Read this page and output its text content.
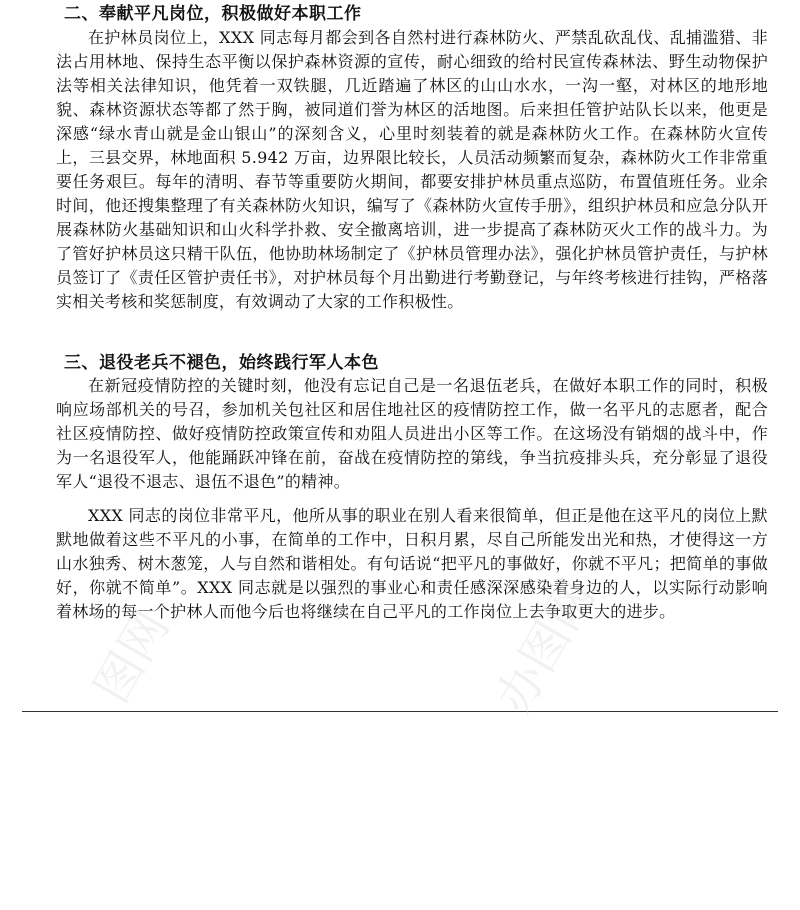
二、奉献平凡岗位，积极做好本职工作

在护林员岗位上，XXX 同志每月都会到各自然村进行森林防火、严禁乱砍乱伐、乱捕滥猎、非法占用林地、保持生态平衡以保护森林资源的宣传，耐心细致的给村民宣传森林法、野生动物保护法等相关法律知识，他凭着一双铁腿，几近踏遍了林区的山山水水，一沟一壑，对林区的地形地貌、森林资源状态等都了然于胸，被同道们誉为林区的活地图。后来担任管护站队长以来，他更是深感“绿水青山就是金山银山”的深刻含义，心里时刻装着的就是森林防火工作。在森林防火宣传上，三县交界，林地面积 5.942 万亩，边界限比较长，人员活动频繁而复杂，森林防火工作非常重要任务艰巨。每年的清明、春节等重要防火期间，都要安排护林员重点巡防，布置值班任务。业余时间，他还搜集整理了有关森林防火知识，编写了《森林防火宣传手册》，组织护林员和应急分队开展森林防火基础知识和山火科学扑救、安全撤离培训，进一步提高了森林防灭火工作的战斗力。为了管好护林员这只精干队伍，他协助林场制定了《护林员管理办法》，强化护林员管护责任，与护林员签订了《责任区管护责任书》，对护林员每个月出勤进行考勤登记，与年终考核进行挂钩，严格落实相关考核和奖惩制度，有效调动了大家的工作积极性。

三、退役老兵不褪色，始终践行军人本色

在新冠疫情防控的关键时刻，他没有忘记自己是一名退伍老兵，在做好本职工作的同时，积极响应场部机关的号召，参加机关包社区和居住地社区的疫情防控工作，做一名平凡的志愿者，配合社区疫情防控、做好疫情防控政策宣传和劝阻人员进出小区等工作。在这场没有销烟的战斗中，作为一名退役军人，他能踊跃冲锋在前，奋战在疫情防控的第线，争当抗疫排头兵，充分彰显了退役军人“退役不退志、退伍不退色”的精神。

XXX 同志的岗位非常平凡，他所从事的职业在别人看来很简单，但正是他在这平凡的岗位上默默地做着这些不平凡的小事，在简单的工作中，日积月累，尽自己所能发出光和热，才使得这一方山水独秀、树木葱笼，人与自然和谐相处。有句话说“把平凡的事做好，你就不平凡；把简单的事做好，你就不简单”。XXX 同志就是以强烈的事业心和责任感深深感染着身边的人，以实际行动影响着林场的每一个护林人而他今后也将继续在自己平凡的工作岗位上去争取更大的进步。

图网	办图网
